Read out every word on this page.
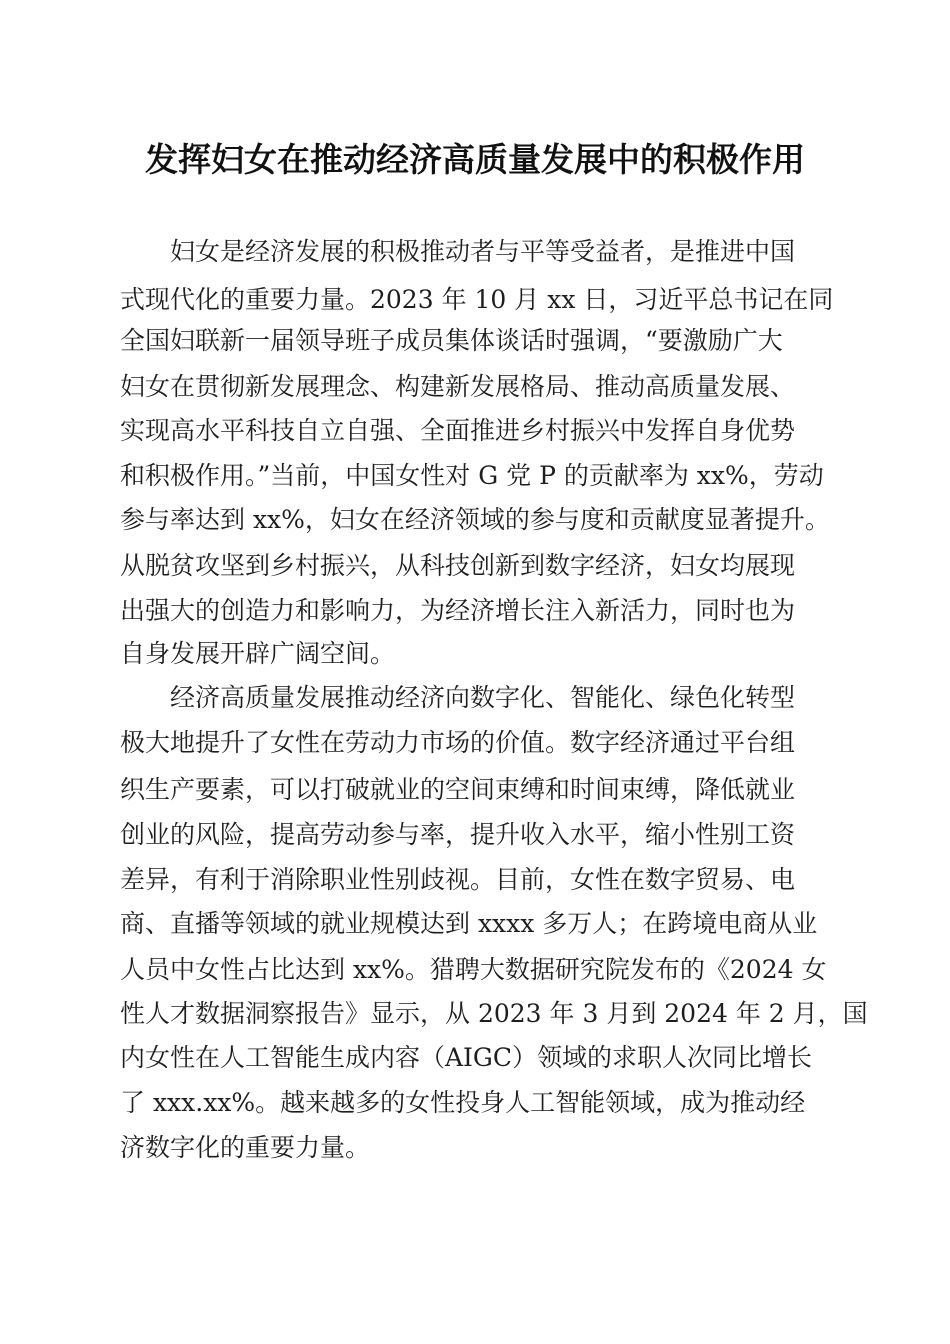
发挥妇女在推动经济高质量发展中的积极作用
妇女是经济发展的积极推动者与平等受益者，是推进中国
式现代化的重要力量。2023 年 10 月 xx 日，习近平总书记在同
全国妇联新一届领导班子成员集体谈话时强调，“要激励广大
妇女在贯彻新发展理念、构建新发展格局、推动高质量发展、
实现高水平科技自立自强、全面推进乡村振兴中发挥自身优势
和积极作用。”当前，中国女性对 G 党 P 的贡献率为 xx%，劳动
参与率达到 xx%，妇女在经济领域的参与度和贡献度显著提升。
从脱贫攻坚到乡村振兴，从科技创新到数字经济，妇女均展现
出强大的创造力和影响力，为经济增长注入新活力，同时也为
自身发展开辟广阔空间。
经济高质量发展推动经济向数字化、智能化、绿色化转型
极大地提升了女性在劳动力市场的价值。数字经济通过平台组
织生产要素，可以打破就业的空间束缚和时间束缚，降低就业
创业的风险，提高劳动参与率，提升收入水平，缩小性别工资
差异，有利于消除职业性别歧视。目前，女性在数字贸易、电
商、直播等领域的就业规模达到 xxxx 多万人；在跨境电商从业
人员中女性占比达到 xx%。猎聘大数据研究院发布的《2024 女
性人才数据洞察报告》显示，从 2023 年 3 月到 2024 年 2 月，国
内女性在人工智能生成内容（AIGC）领域的求职人次同比增长
了 xxx.xx%。越来越多的女性投身人工智能领域，成为推动经
济数字化的重要力量。
